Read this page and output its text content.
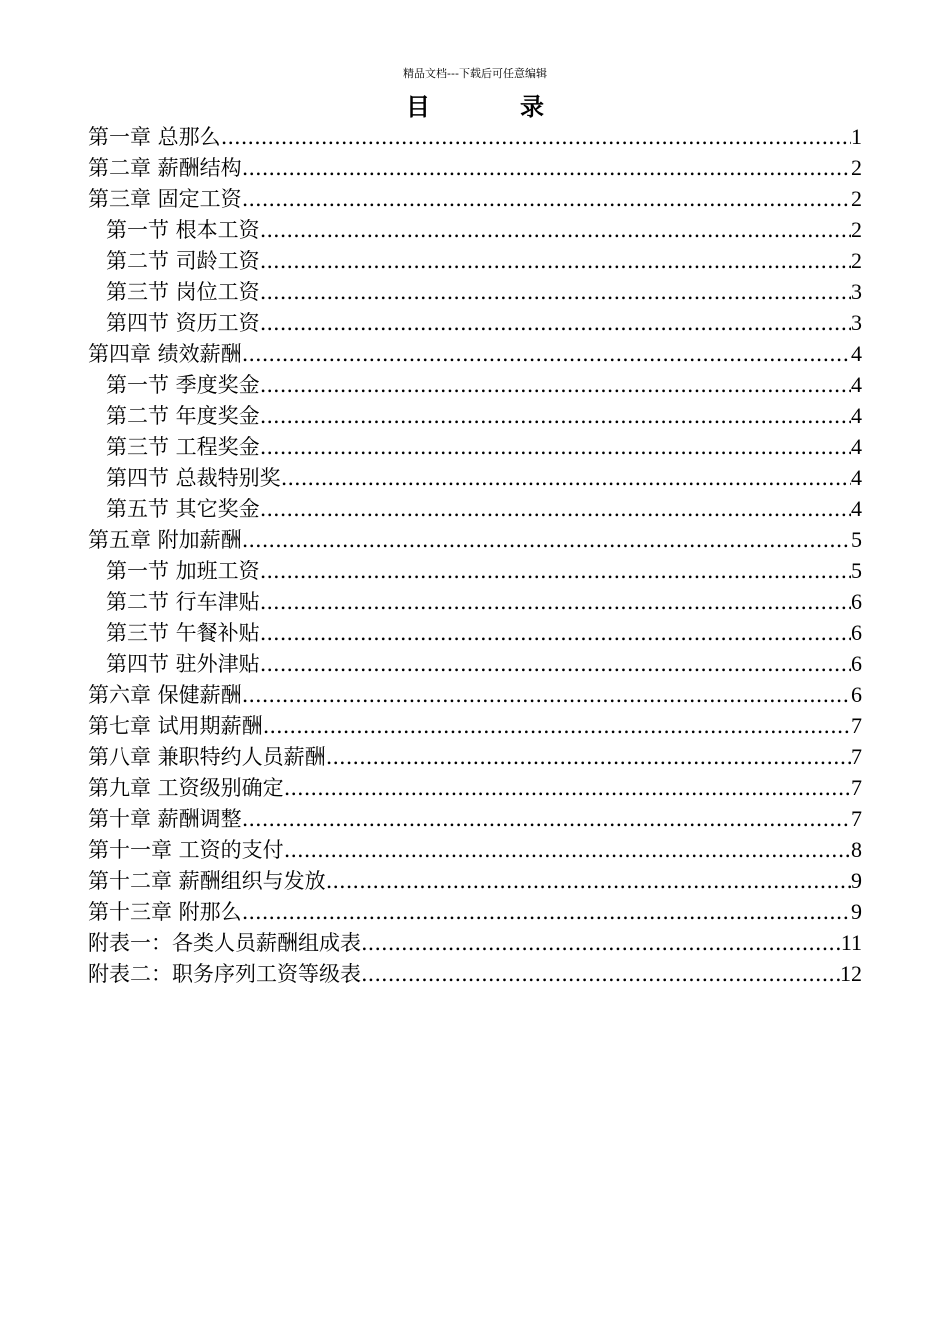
精品文档---下载后可任意编辑
目	录
第一章 总那么 .....	1
第二章 薪酬结构 .....	2
第三章 固定工资 .....	2
第一节 根本工资 .....	2
第二节 司龄工资 .....	2
第三节 岗位工资 .....	3
第四节 资历工资 .....	3
第四章 绩效薪酬 .....	4
第一节 季度奖金 .....	4
第二节 年度奖金 .....	4
第三节 工程奖金 .....	4
第四节 总裁特别奖 .....	4
第五节 其它奖金 .....	4
第五章 附加薪酬 .....	5
第一节 加班工资 .....	5
第二节 行车津贴 .....	6
第三节 午餐补贴 .....	6
第四节 驻外津贴 .....	6
第六章 保健薪酬 .....	6
第七章 试用期薪酬 .....	7
第八章 兼职特约人员薪酬 .....	7
第九章 工资级别确定 .....	7
第十章 薪酬调整 .....	7
第十一章 工资的支付 .....	8
第十二章 薪酬组织与发放 .....	9
第十三章 附那么 .....	9
附表一：各类人员薪酬组成表 .....	11
附表二：职务序列工资等级表 .....	12
